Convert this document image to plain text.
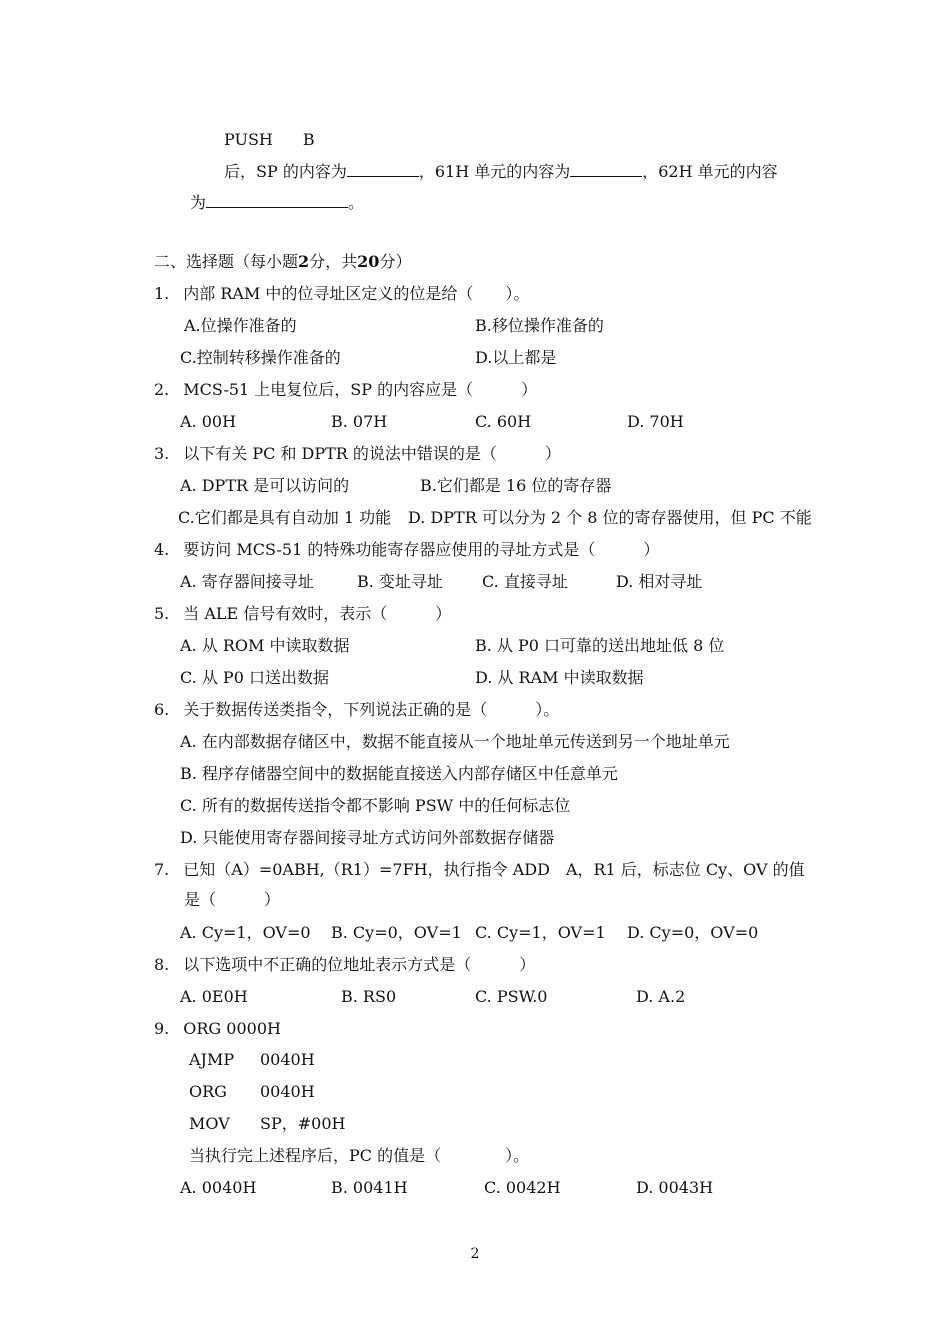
PUSH B
后，SP 的内容为	，61H 单元的内容为	，62H 单元的内容
为	。
二、选择题（每小题2分，共20分）
1. 内部 RAM 中的位寻址区定义的位是给（　　）。
A.位操作准备的	B.移位操作准备的
C.控制转移操作准备的	D.以上都是
2. MCS-51 上电复位后，SP 的内容应是（　　　）
A. 00H	B. 07H	C. 60H	D. 70H
3. 以下有关 PC 和 DPTR 的说法中错误的是（　　　）
A. DPTR 是可以访问的	B.它们都是 16 位的寄存器
C.它们都是具有自动加 1 功能 D. DPTR 可以分为 2 个 8 位的寄存器使用，但 PC 不能
4. 要访问 MCS-51 的特殊功能寄存器应使用的寻址方式是（　　　）
A. 寄存器间接寻址	B. 变址寻址 C. 直接寻址	D. 相对寻址
5. 当 ALE 信号有效时，表示（　　　）
A. 从 ROM 中读取数据	B. 从 P0 口可靠的送出地址低 8 位
C. 从 P0 口送出数据	D. 从 RAM 中读取数据
6. 关于数据传送类指令，下列说法正确的是（　　　）。
A. 在内部数据存储区中，数据不能直接从一个地址单元传送到另一个地址单元
B. 程序存储器空间中的数据能直接送入内部存储区中任意单元
C. 所有的数据传送指令都不影响 PSW 中的任何标志位
D. 只能使用寄存器间接寻址方式访问外部数据存储器
7. 已知（A）=0ABH,（R1）=7FH，执行指令 ADD　A，R1 后，标志位 Cy、OV 的值
是（　　　）
A. Cy=1，OV=0 B. Cy=0，OV=1 C. Cy=1，OV=1 D. Cy=0，OV=0
8. 以下选项中不正确的位地址表示方式是（　　　）
A. 0E0H	B. RS0	C. PSW.0	D. A.2
9. ORG 0000H
AJMP 0040H
ORG 0040H
MOV SP，#00H
当执行完上述程序后，PC 的值是（　　　　）。
A. 0040H	B. 0041H	C. 0042H	D. 0043H
2
